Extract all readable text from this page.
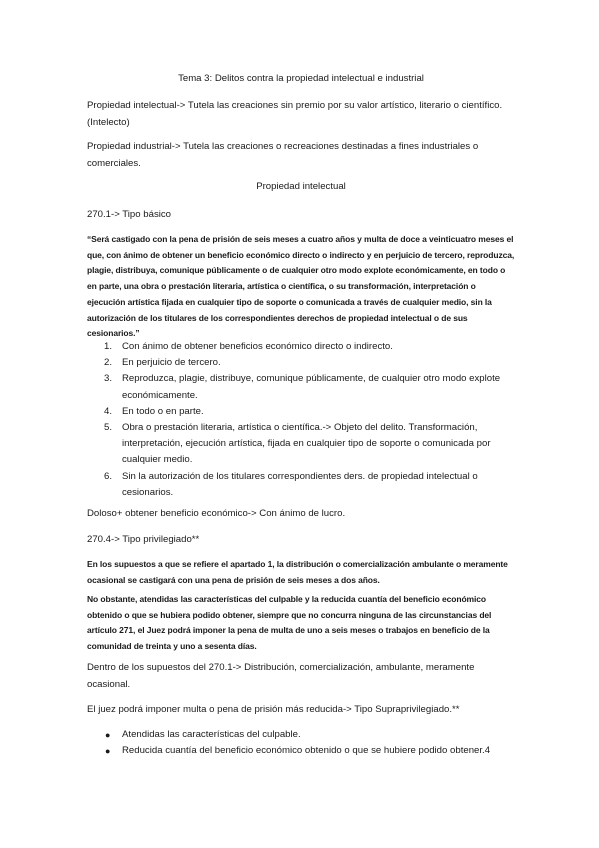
Tema 3: Delitos contra la propiedad intelectual e industrial

Propiedad intelectual-> Tutela las creaciones sin premio por su valor artístico, literario o científico. (Intelecto)

Propiedad industrial-> Tutela las creaciones o recreaciones destinadas a fines industriales o comerciales.

Propiedad intelectual

270.1-> Tipo básico

“Será castigado con la pena de prisión de seis meses a cuatro años y multa de doce a veinticuatro meses el que, con ánimo de obtener un beneficio económico directo o indirecto y en perjuicio de tercero, reproduzca, plagie, distribuya, comunique públicamente o de cualquier otro modo explote económicamente, en todo o en parte, una obra o prestación literaria, artística o científica, o su transformación, interpretación o ejecución artística fijada en cualquier tipo de soporte o comunicada a través de cualquier medio, sin la autorización de los titulares de los correspondientes derechos de propiedad intelectual o de sus cesionarios.”

1. Con ánimo de obtener beneficios económico directo o indirecto.
2. En perjuicio de tercero.
3. Reproduzca, plagie, distribuye, comunique públicamente, de cualquier otro modo explote económicamente.
4. En todo o en parte.
5. Obra o prestación literaria, artística o científica.-> Objeto del delito. Transformación, interpretación, ejecución artística, fijada en cualquier tipo de soporte o comunicada por cualquier medio.
6. Sin la autorización de los titulares correspondientes ders. de propiedad intelectual o cesionarios.

Doloso+ obtener beneficio económico-> Con ánimo de lucro.

270.4-> Tipo privilegiado**

En los supuestos a que se refiere el apartado 1, la distribución o comercialización ambulante o meramente ocasional se castigará con una pena de prisión de seis meses a dos años.

No obstante, atendidas las características del culpable y la reducida cuantía del beneficio económico obtenido o que se hubiera podido obtener, siempre que no concurra ninguna de las circunstancias del artículo 271, el Juez podrá imponer la pena de multa de uno a seis meses o trabajos en beneficio de la comunidad de treinta y uno a sesenta días.

Dentro de los supuestos del 270.1-> Distribución, comercialización, ambulante, meramente ocasional.

El juez podrá imponer multa o pena de prisión más reducida-> Tipo Supraprivilegiado.**

● Atendidas las características del culpable.
● Reducida cuantía del beneficio económico obtenido o que se hubiere podido obtener.4
